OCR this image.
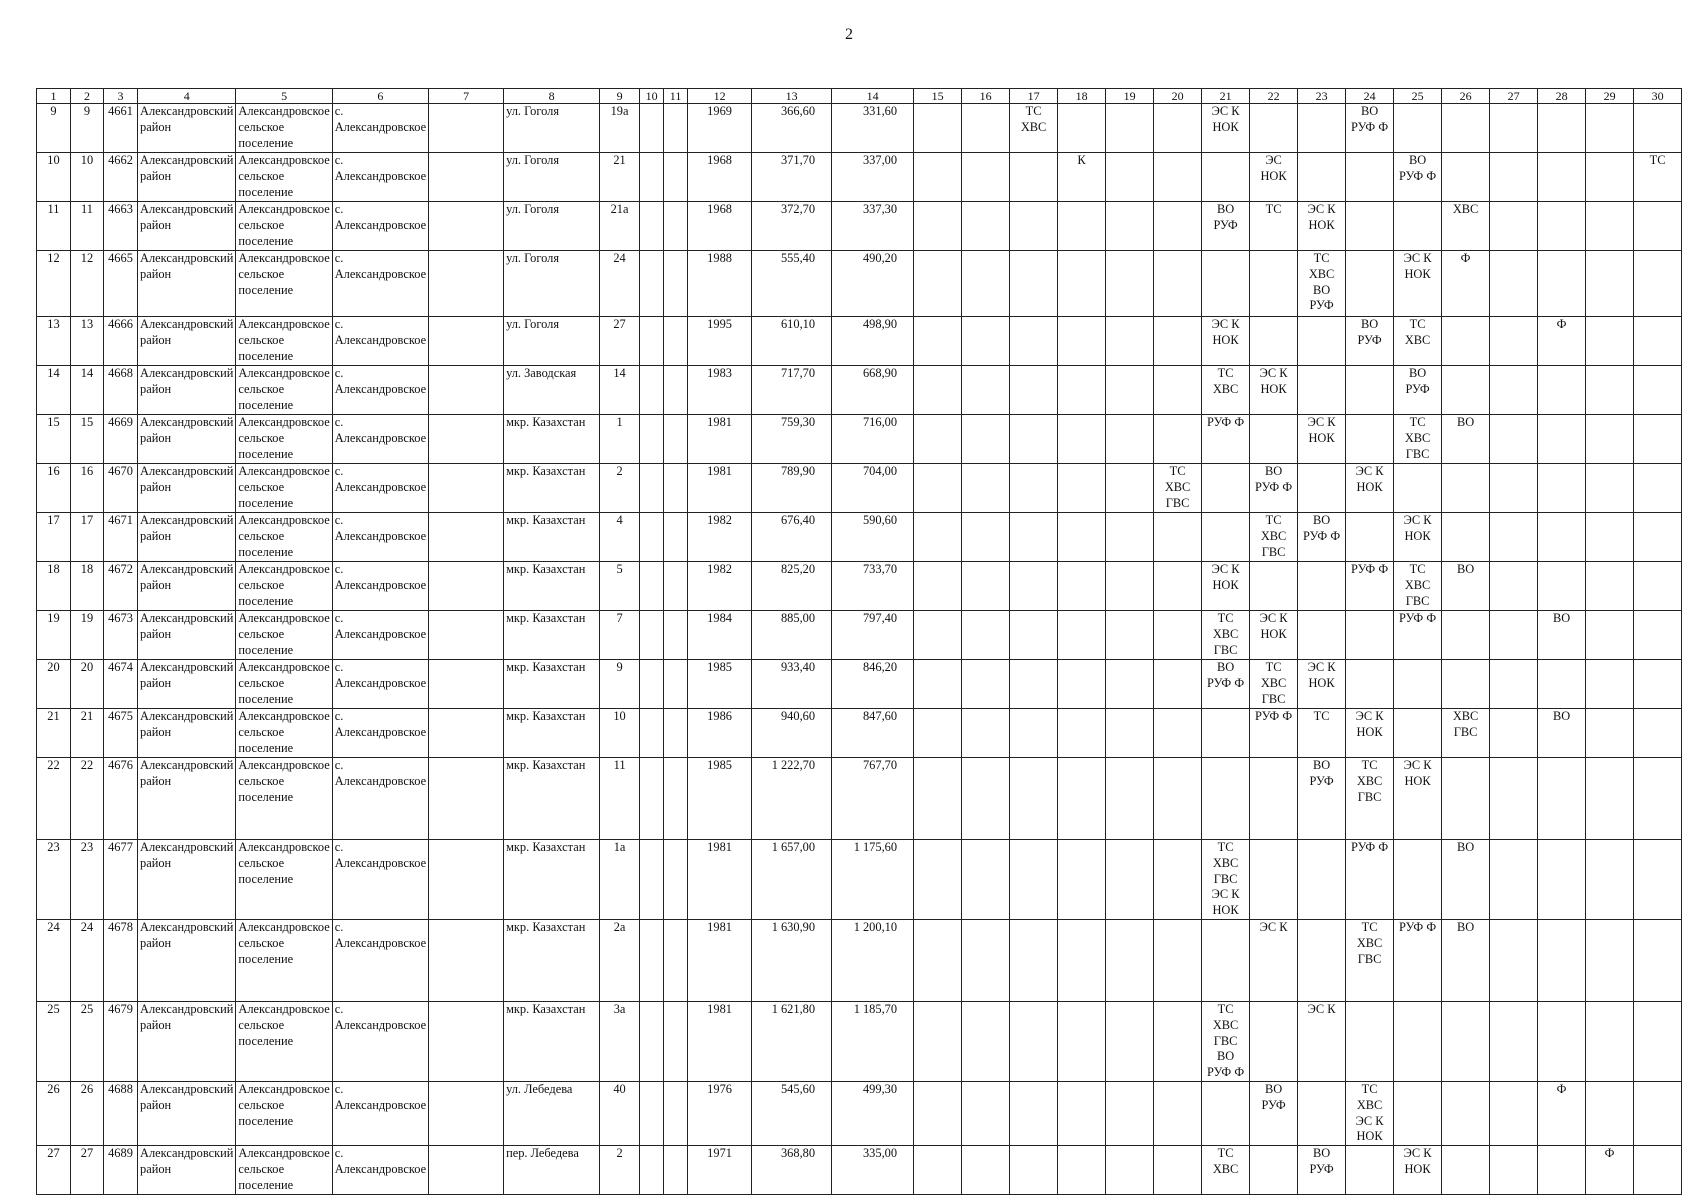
2
1	2	3	4	5	6	7	8	9	10	11	12	13	14	15	16	17	18	19	20	21	22	23	24	25	26	27	28	29	30
9	9	4661	Александровский район	Александровское сельское поселение	с. Александровское		ул. Гоголя	19а			1969	366,60	331,60			ТС ХВС				ЭС К НОК			ВО РУФ Ф						
10	10	4662	Александровский район	Александровское сельское поселение	с. Александровское		ул. Гоголя	21			1968	371,70	337,00				К				ЭС НОК			ВО РУФ Ф					ТС
11	11	4663	Александровский район	Александровское сельское поселение	с. Александровское		ул. Гоголя	21а			1968	372,70	337,30							ВО РУФ	ТС	ЭС К НОК			ХВС				
12	12	4665	Александровский район	Александровское сельское поселение	с. Александровское		ул. Гоголя	24			1988	555,40	490,20									ТС ХВС ВО РУФ		ЭС К НОК	Ф				
13	13	4666	Александровский район	Александровское сельское поселение	с. Александровское		ул. Гоголя	27			1995	610,10	498,90							ЭС К НОК			ВО РУФ	ТС ХВС			Ф		
14	14	4668	Александровский район	Александровское сельское поселение	с. Александровское		ул. Заводская	14			1983	717,70	668,90							ТС ХВС	ЭС К НОК			ВО РУФ					
15	15	4669	Александровский район	Александровское сельское поселение	с. Александровское		мкр. Казахстан	1			1981	759,30	716,00							РУФ Ф		ЭС К НОК		ТС ХВС ГВС	ВО				
16	16	4670	Александровский район	Александровское сельское поселение	с. Александровское		мкр. Казахстан	2			1981	789,90	704,00						ТС ХВС ГВС		ВО РУФ Ф		ЭС К НОК						
17	17	4671	Александровский район	Александровское сельское поселение	с. Александровское		мкр. Казахстан	4			1982	676,40	590,60								ТС ХВС ГВС	ВО РУФ Ф		ЭС К НОК					
18	18	4672	Александровский район	Александровское сельское поселение	с. Александровское		мкр. Казахстан	5			1982	825,20	733,70							ЭС К НОК			РУФ Ф	ТС ХВС ГВС	ВО				
19	19	4673	Александровский район	Александровское сельское поселение	с. Александровское		мкр. Казахстан	7			1984	885,00	797,40							ТС ХВС ГВС	ЭС К НОК			РУФ Ф			ВО		
20	20	4674	Александровский район	Александровское сельское поселение	с. Александровское		мкр. Казахстан	9			1985	933,40	846,20							ВО РУФ Ф	ТС ХВС ГВС	ЭС К НОК							
21	21	4675	Александровский район	Александровское сельское поселение	с. Александровское		мкр. Казахстан	10			1986	940,60	847,60								РУФ Ф	ТС	ЭС К НОК		ХВС ГВС		ВО		
22	22	4676	Александровский район	Александровское сельское поселение	с. Александровское		мкр. Казахстан	11			1985	1 222,70	767,70									ВО РУФ	ТС ХВС ГВС	ЭС К НОК					
23	23	4677	Александровский район	Александровское сельское поселение	с. Александровское		мкр. Казахстан	1а			1981	1 657,00	1 175,60							ТС ХВС ГВС ЭС К НОК			РУФ Ф		ВО				
24	24	4678	Александровский район	Александровское сельское поселение	с. Александровское		мкр. Казахстан	2а			1981	1 630,90	1 200,10								ЭС К		ТС ХВС ГВС	РУФ Ф	ВО				
25	25	4679	Александровский район	Александровское сельское поселение	с. Александровское		мкр. Казахстан	3а			1981	1 621,80	1 185,70							ТС ХВС ГВС ВО РУФ Ф		ЭС К							
26	26	4688	Александровский район	Александровское сельское поселение	с. Александровское		ул. Лебедева	40			1976	545,60	499,30								ВО РУФ		ТС ХВС ЭС К НОК				Ф		
27	27	4689	Александровский район	Александровское сельское поселение	с. Александровское		пер. Лебедева	2			1971	368,80	335,00							ТС ХВС		ВО РУФ		ЭС К НОК				Ф	
